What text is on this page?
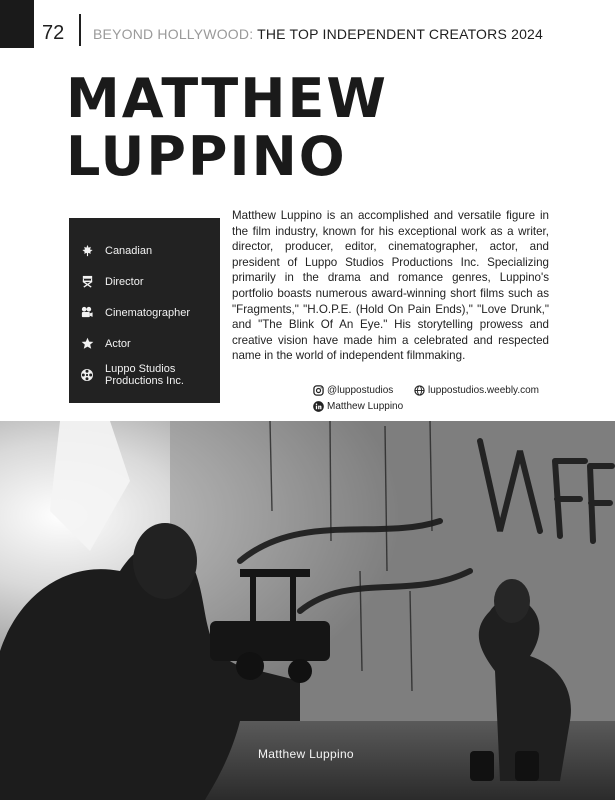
72 BEYOND HOLLYWOOD: THE TOP INDEPENDENT CREATORS 2024
MATTHEW
LUPPINO
Canadian
Director
Cinematographer
Actor
Luppo Studios Productions Inc.

Matthew Luppino is an accomplished and versatile figure in the film industry, known for his exceptional work as a writer, director, producer, editor, cinematographer, actor, and president of Luppo Studios Productions Inc. Specializing primarily in the drama and romance genres, Luppino's portfolio boasts numerous award-winning short films such as "Fragments," "H.O.P.E. (Hold On Pain Ends)," "Love Drunk," and "The Blink Of An Eye." His storytelling prowess and creative vision have made him a celebrated and respected name in the world of independent filmmaking.

@luppostudios	luppostudios.weebly.com
Matthew Luppino
Matthew Luppino
